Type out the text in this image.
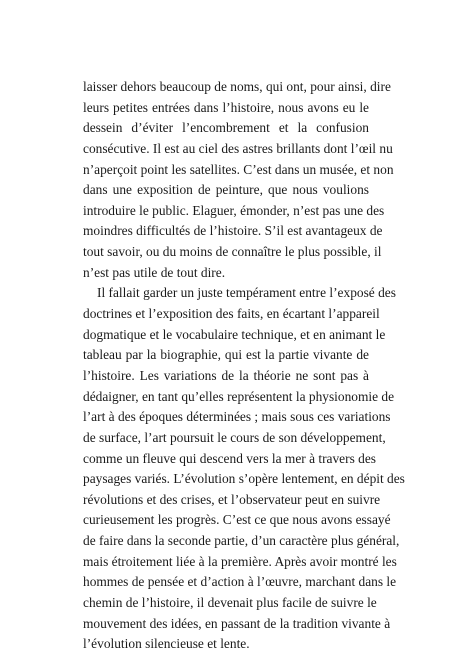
laisser dehors beaucoup de noms, qui ont, pour ainsi, dire
leurs petites entrées dans l’histoire, nous avons eu le
dessein d’éviter l’encombrement et la confusion
consécutive. Il est au ciel des astres brillants dont l’œil nu
n’aperçoit point les satellites. C’est dans un musée, et non
dans une exposition de peinture, que nous voulions
introduire le public. Elaguer, émonder, n’est pas une des
moindres difficultés de l’histoire. S’il est avantageux de
tout savoir, ou du moins de connaître le plus possible, il
n’est pas utile de tout dire.
Il fallait garder un juste tempérament entre l’exposé des
doctrines et l’exposition des faits, en écartant l’appareil
dogmatique et le vocabulaire technique, et en animant le
tableau par la biographie, qui est la partie vivante de
l’histoire. Les variations de la théorie ne sont pas à
dédaigner, en tant qu’elles représentent la physionomie de
l’art à des époques déterminées ; mais sous ces variations
de surface, l’art poursuit le cours de son développement,
comme un fleuve qui descend vers la mer à travers des
paysages variés. L’évolution s’opère lentement, en dépit des
révolutions et des crises, et l’observateur peut en suivre
curieusement les progrès. C’est ce que nous avons essayé
de faire dans la seconde partie, d’un caractère plus général,
mais étroitement liée à la première. Après avoir montré les
hommes de pensée et d’action à l’œuvre, marchant dans le
chemin de l’histoire, il devenait plus facile de suivre le
mouvement des idées, en passant de la tradition vivante à
l’évolution silencieuse et lente.
